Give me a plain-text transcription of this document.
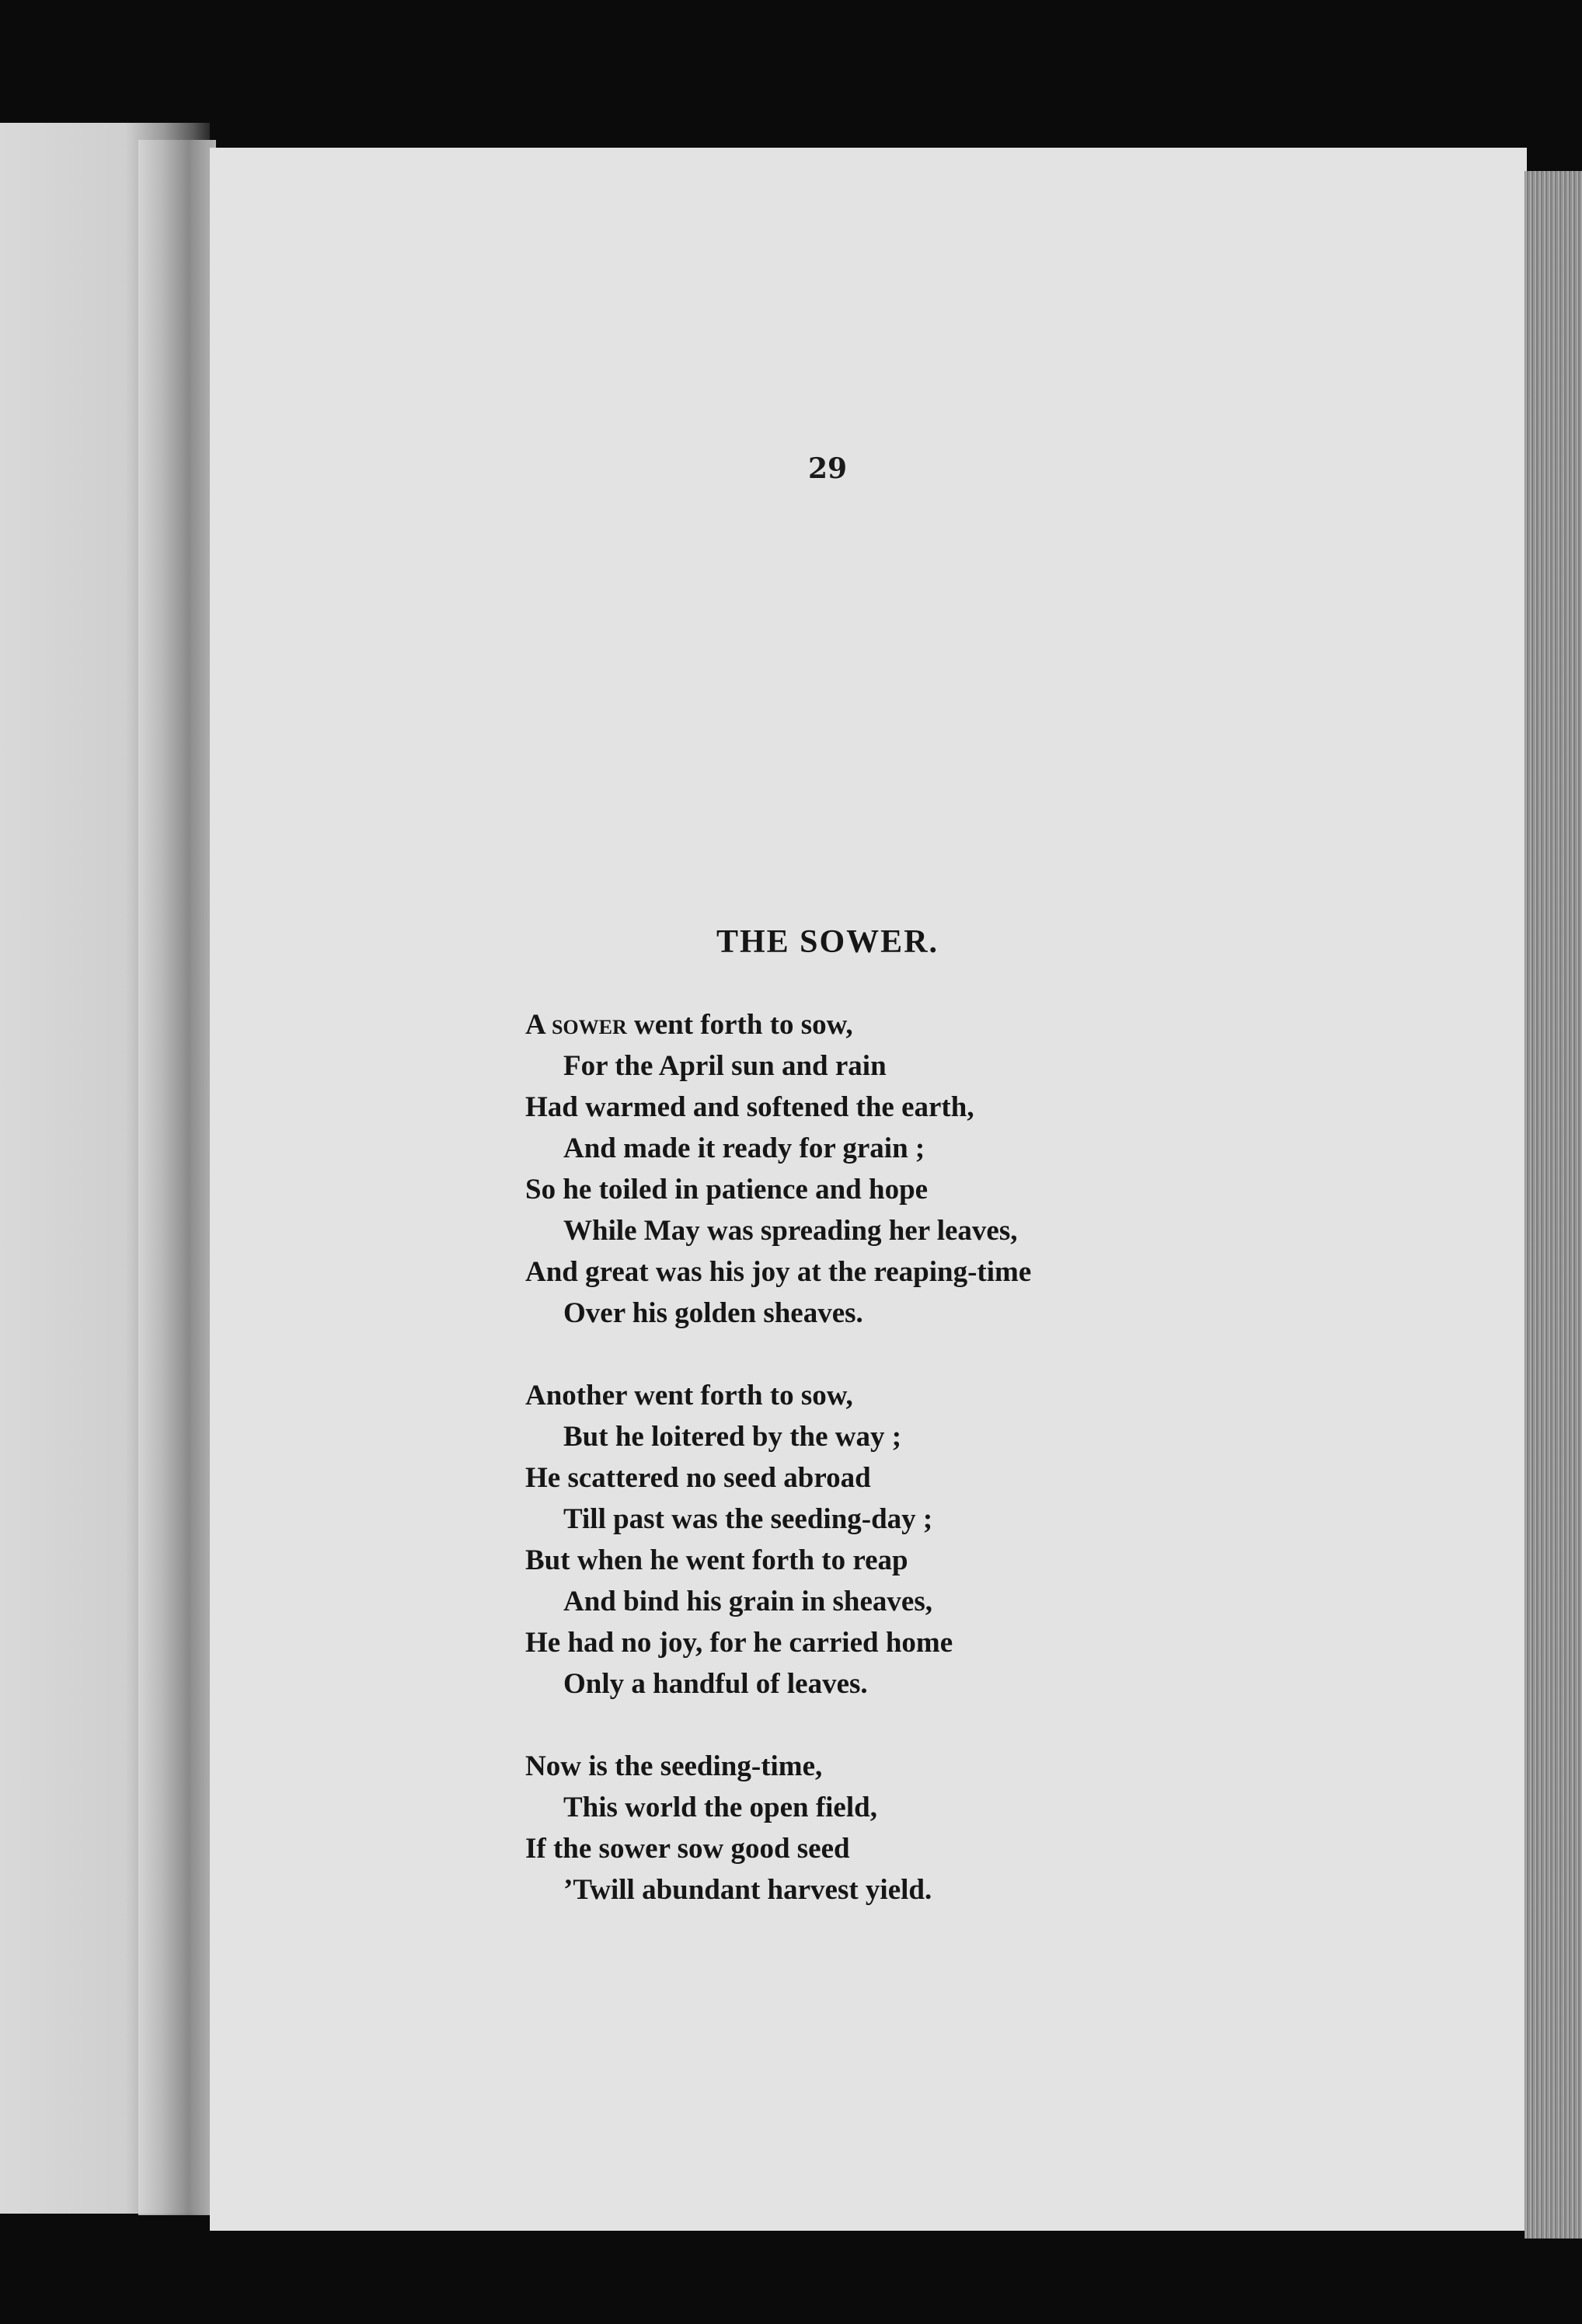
29
THE SOWER.
A sower went forth to sow,
For the April sun and rain
Had warmed and softened the earth,
And made it ready for grain ;
So he toiled in patience and hope
While May was spreading her leaves,
And great was his joy at the reaping-time
Over his golden sheaves.
Another went forth to sow,
But he loitered by the way ;
He scattered no seed abroad
Till past was the seeding-day ;
But when he went forth to reap
And bind his grain in sheaves,
He had no joy, for he carried home
Only a handful of leaves.
Now is the seeding-time,
This world the open field,
If the sower sow good seed
’Twill abundant harvest yield.
